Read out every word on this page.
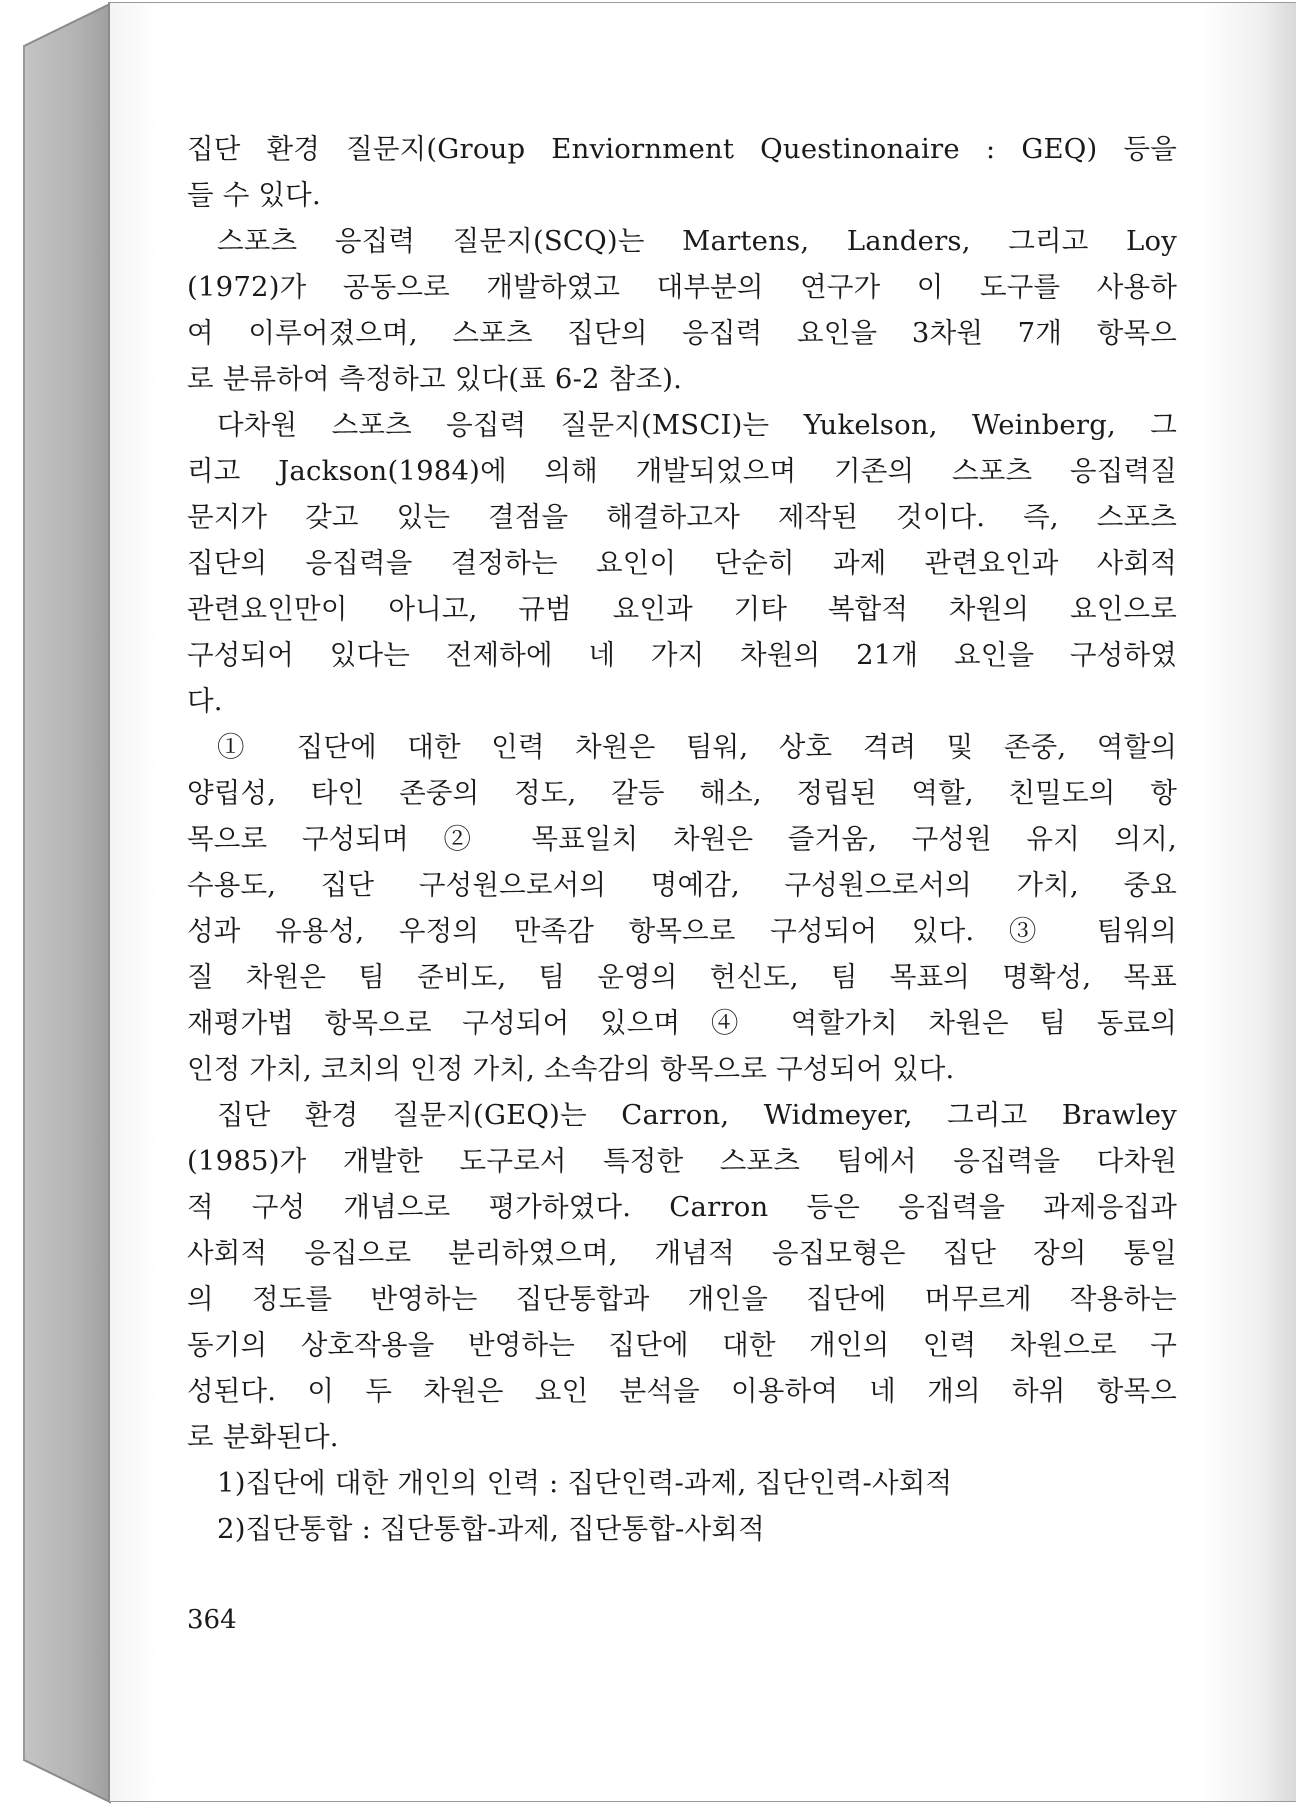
집단 환경 질문지(Group Enviornment Questinonaire : GEQ) 등을
들 수 있다.
스포츠 응집력 질문지(SCQ)는 Martens, Landers, 그리고 Loy
(1972)가 공동으로 개발하였고 대부분의 연구가 이 도구를 사용하
여 이루어졌으며, 스포츠 집단의 응집력 요인을 3차원 7개 항목으
로 분류하여 측정하고 있다(표 6-2 참조).
다차원 스포츠 응집력 질문지(MSCI)는 Yukelson, Weinberg, 그
리고 Jackson(1984)에 의해 개발되었으며 기존의 스포츠 응집력질
문지가 갖고 있는 결점을 해결하고자 제작된 것이다. 즉, 스포츠
집단의 응집력을 결정하는 요인이 단순히 과제 관련요인과 사회적
관련요인만이 아니고, 규범 요인과 기타 복합적 차원의 요인으로
구성되어 있다는 전제하에 네 가지 차원의 21개 요인을 구성하였
다.
① 집단에 대한 인력 차원은 팀워, 상호 격려 및 존중, 역할의
양립성, 타인 존중의 정도, 갈등 해소, 정립된 역할, 친밀도의 항
목으로 구성되며 ② 목표일치 차원은 즐거움, 구성원 유지 의지,
수용도, 집단 구성원으로서의 명예감, 구성원으로서의 가치, 중요
성과 유용성, 우정의 만족감 항목으로 구성되어 있다. ③ 팀워의
질 차원은 팀 준비도, 팀 운영의 헌신도, 팀 목표의 명확성, 목표
재평가법 항목으로 구성되어 있으며 ④ 역할가치 차원은 팀 동료의
인정 가치, 코치의 인정 가치, 소속감의 항목으로 구성되어 있다.
집단 환경 질문지(GEQ)는 Carron, Widmeyer, 그리고 Brawley
(1985)가 개발한 도구로서 특정한 스포츠 팀에서 응집력을 다차원
적 구성 개념으로 평가하였다. Carron 등은 응집력을 과제응집과
사회적 응집으로 분리하였으며, 개념적 응집모형은 집단 장의 통일
의 정도를 반영하는 집단통합과 개인을 집단에 머무르게 작용하는
동기의 상호작용을 반영하는 집단에 대한 개인의 인력 차원으로 구
성된다. 이 두 차원은 요인 분석을 이용하여 네 개의 하위 항목으
로 분화된다.
1)집단에 대한 개인의 인력 : 집단인력-과제, 집단인력-사회적
2)집단통합 : 집단통합-과제, 집단통합-사회적
364
